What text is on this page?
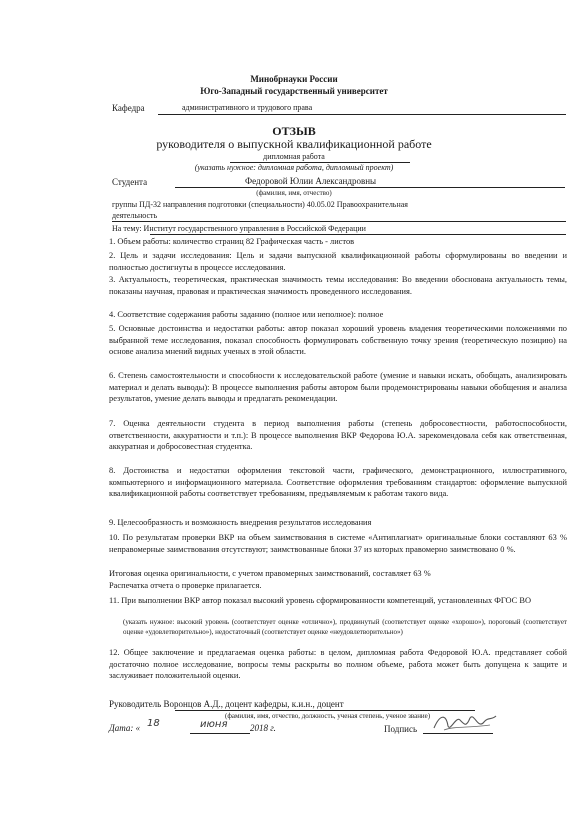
Минобрнауки России
Юго-Западный государственный университет
Кафедра	административного и трудового права
ОТЗЫВ
руководителя о выпускной квалификационной работе
дипломная работа
(указать нужное: дипломная работа, дипломный проект)
Студента	Федоровой Юлии Александровны
(фамилия, имя, отчество)
группы ПД-32 направления подготовки (специальности) 40.05.02 Правоохранительная
деятельность
На тему: Институт государственного управления в Российской Федерации
1. Объем работы: количество страниц 82 Графическая часть - листов
2. Цель и задачи исследования: Цель и задачи выпускной квалификационной работы сформулированы во введении и полностью достигнуты в процессе исследования.
3. Актуальность, теоретическая, практическая значимость темы исследования: Во введении обоснована актуальность темы, показаны научная, правовая и практическая значимость проведенного исследования.
4. Соответствие содержания работы заданию (полное или неполное): полное
5. Основные достоинства и недостатки работы: автор показал хороший уровень владения теоретическими положениями по выбранной теме исследования, показал способность формулировать собственную точку зрения (теоретическую позицию) на основе анализа мнений видных ученых в этой области.
6. Степень самостоятельности и способности к исследовательской работе (умение и навыки искать, обобщать, анализировать материал и делать выводы): В процессе выполнения работы автором были продемонстрированы навыки обобщения и анализа результатов, умение делать выводы и предлагать рекомендации.
7. Оценка деятельности студента в период выполнения работы (степень добросовестности, работоспособности, ответственности, аккуратности и т.п.): В процессе выполнения ВКР Федорова Ю.А. зарекомендовала себя как ответственная, аккуратная и добросовестная студентка.
8. Достоинства и недостатки оформления текстовой части, графического, демонстрационного, иллюстративного, компьютерного и информационного материала. Соответствие оформления требованиям стандартов: оформление выпускной квалификационной работы соответствует требованиям, предъявляемым к работам такого вида.
9. Целесообразность и возможность внедрения результатов исследования
10. По результатам проверки ВКР на объем заимствования в системе «Антиплагиат» оригинальные блоки составляют 63 % неправомерные заимствования отсутствуют; заимствованные блоки 37 из которых правомерно заимствовано 0 %.
Итоговая оценка оригинальности, с учетом правомерных заимствований, составляет 63 %
Распечатка отчета о проверке прилагается.
11. При выполнении ВКР автор показал высокий уровень сформированности компетенций, установленных ФГОС ВО
(указать нужное: высокий уровень (соответствует оценке «отлично»), продвинутый (соответствует оценке «хорошо»), пороговый (соответствует оценке «удовлетворительно»), недостаточный (соответствует оценке «неудовлетворительно»)
12. Общее заключение и предлагаемая оценка работы: в целом, дипломная работа Федоровой Ю.А. представляет собой достаточно полное исследование, вопросы темы раскрыты во полном объеме, работа может быть допущена к защите и заслуживает положительной оценки.
Руководитель Воронцов А.Д., доцент кафедры, к.и.н., доцент
(фамилия, имя, отчество, должность, ученая степень, ученое звание)
Дата: « 18	июня	2018 г.	Подпись
